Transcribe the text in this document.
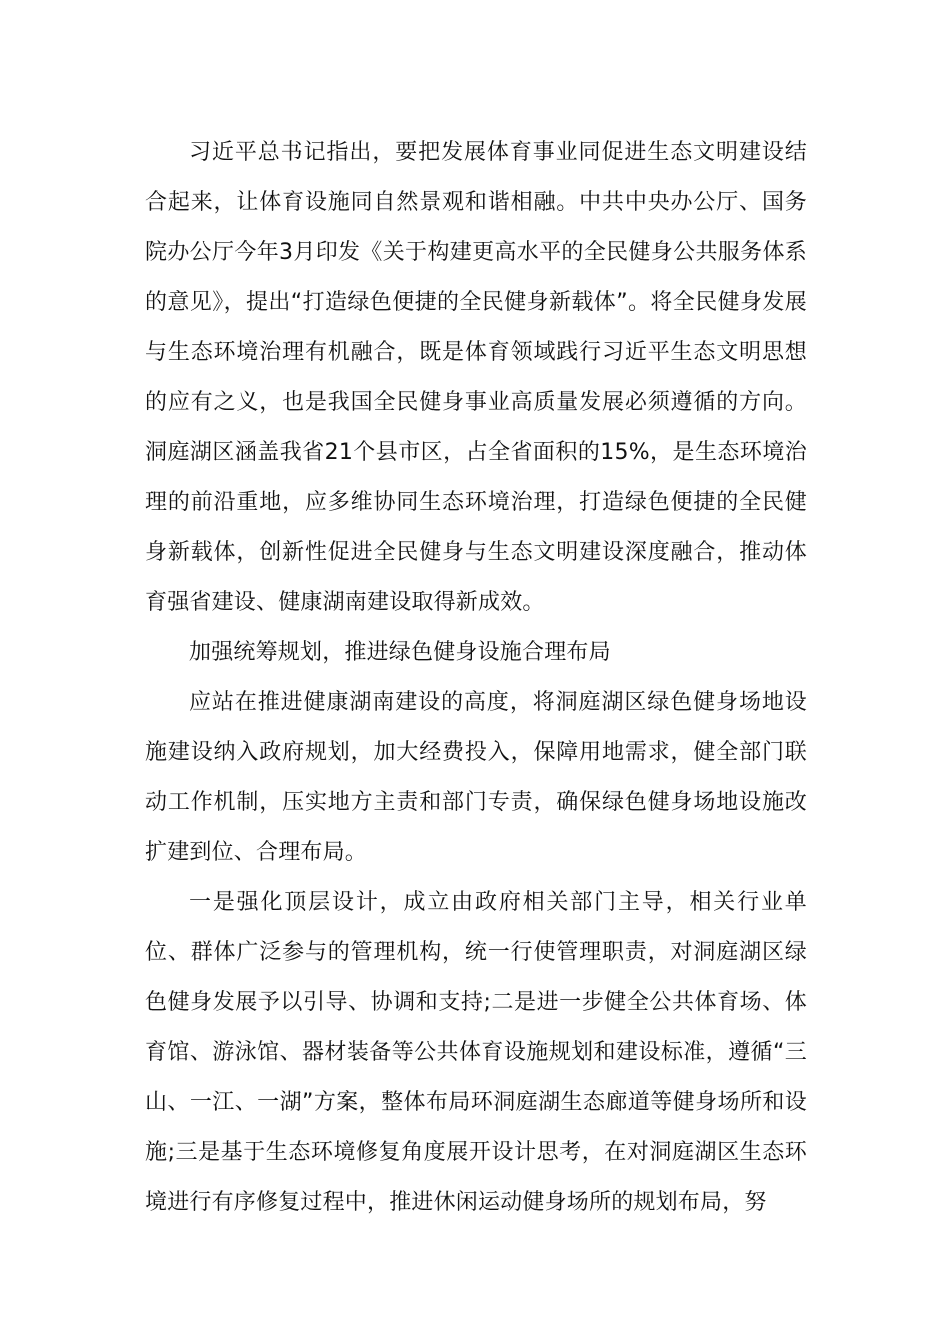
习近平总书记指出，要把发展体育事业同促进生态文明建设结合起来，让体育设施同自然景观和谐相融。中共中央办公厅、国务院办公厅今年3月印发《关于构建更高水平的全民健身公共服务体系的意见》，提出“打造绿色便捷的全民健身新载体”。将全民健身发展与生态环境治理有机融合，既是体育领域践行习近平生态文明思想的应有之义，也是我国全民健身事业高质量发展必须遵循的方向。洞庭湖区涵盖我省21个县市区，占全省面积的15%，是生态环境治理的前沿重地，应多维协同生态环境治理，打造绿色便捷的全民健身新载体，创新性促进全民健身与生态文明建设深度融合，推动体育强省建设、健康湖南建设取得新成效。

加强统筹规划，推进绿色健身设施合理布局

应站在推进健康湖南建设的高度，将洞庭湖区绿色健身场地设施建设纳入政府规划，加大经费投入，保障用地需求，健全部门联动工作机制，压实地方主责和部门专责，确保绿色健身场地设施改扩建到位、合理布局。

一是强化顶层设计，成立由政府相关部门主导，相关行业单位、群体广泛参与的管理机构，统一行使管理职责，对洞庭湖区绿色健身发展予以引导、协调和支持;二是进一步健全公共体育场、体育馆、游泳馆、器材装备等公共体育设施规划和建设标准，遵循“三山、一江、一湖”方案，整体布局环洞庭湖生态廊道等健身场所和设施;三是基于生态环境修复角度展开设计思考，在对洞庭湖区生态环境进行有序修复过程中，推进休闲运动健身场所的规划布局，努
